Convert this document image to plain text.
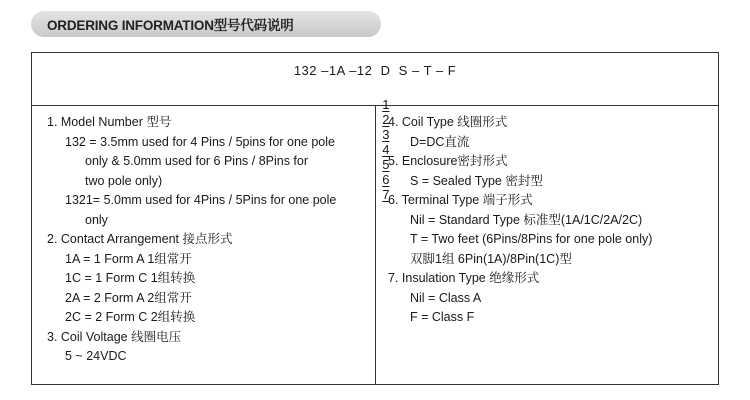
ORDERING INFORMATION型号代码说明
132 –1A –12  D  S – T – F

1
2
3
4
5
6
7

1. Model Number 型号
132 = 3.5mm used for 4 Pins / 5pins for one pole
only & 5.0mm used for 6 Pins / 8Pins for
two pole only)
1321= 5.0mm used for 4Pins / 5Pins for one pole
only
2. Contact Arrangement 接点形式
1A = 1 Form A 1组常开
1C = 1 Form C 1组转换
2A = 2 Form A 2组常开
2C = 2 Form C 2组转换
3. Coil Voltage 线圈电压
5 ~ 24VDC
4. Coil Type 线圈形式
D=DC直流
5. Enclosure密封形式
S = Sealed Type 密封型
6. Terminal Type 端子形式
Nil = Standard Type 标准型(1A/1C/2A/2C)
T = Two feet (6Pins/8Pins for one pole only)
双脚1组 6Pin(1A)/8Pin(1C)型
7. Insulation Type 绝缘形式
Nil = Class A
F = Class F
